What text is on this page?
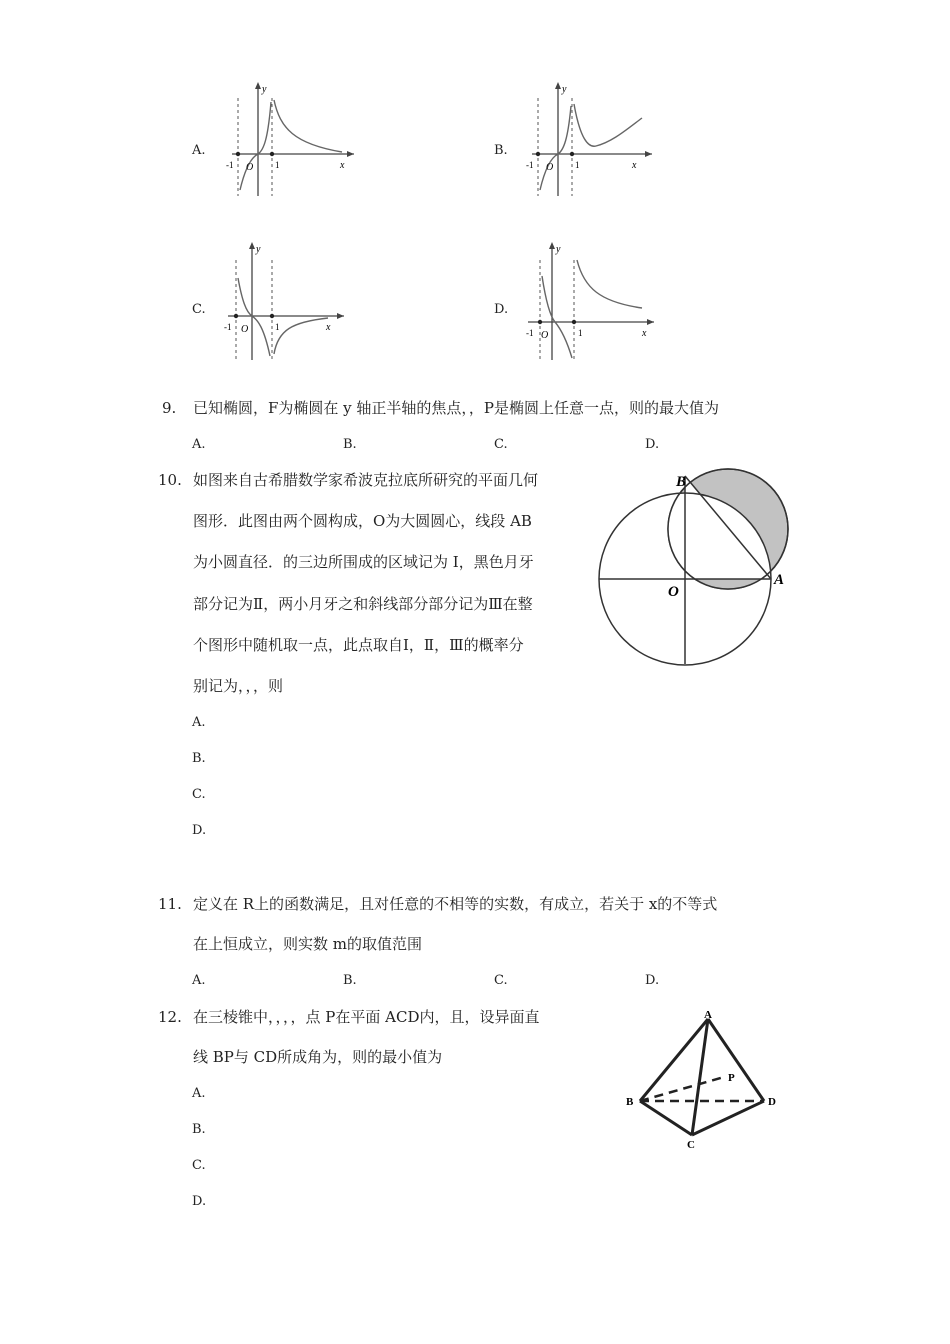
A.	B.
C.	D.
y
x
-1 O 1
y
x
-1 O 1
y
x
-1 O	1
y
x
-1 O	1
9. 已知椭圆，F为椭圆在 y 轴正半轴的焦点，，P是椭圆上任意一点，则的最大值为
A.	B.	C.	D.
10. 如图来自古希腊数学家希波克拉底所研究的平面几何
图形．此图由两个圆构成，O为大圆圆心，线段 AB
为小圆直径．的三边所围成的区域记为 I，黑色月牙
部分记为Ⅱ，两小月牙之和斜线部分部分记为Ⅲ在整
个图形中随机取一点，此点取自Ⅰ，Ⅱ，Ⅲ的概率分
别记为，，，则
A.
B.
C.
D.
B
O
A
11. 定义在 R上的函数满足，且对任意的不相等的实数，有成立，若关于 x的不等式
在上恒成立，则实数 m的取值范围
A.	B.	C.	D.
12. 在三棱锥中，，，，点 P在平面 ACD内，且，设异面直
线 BP与 CD所成角为，则的最小值为
A.
B.
C.
D.
A
B
C
D
P
